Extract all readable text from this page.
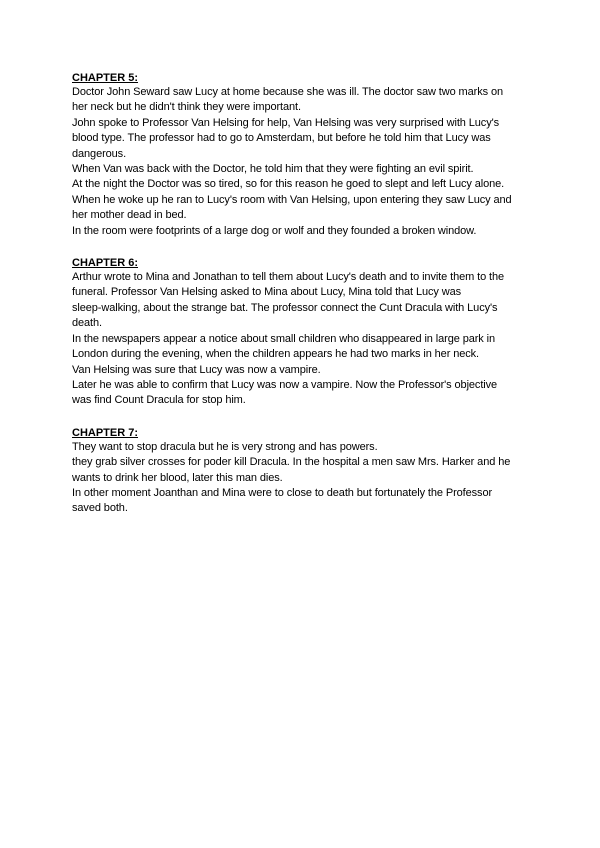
CHAPTER 5:

Doctor John Seward saw Lucy at home because she was ill. The doctor saw two marks on

her neck but he didn't think they were important.

John spoke to Professor Van Helsing for help, Van Helsing was very surprised with Lucy's

blood type. The professor had to go to Amsterdam, but before he told him that Lucy was

dangerous.

When Van was back with the Doctor, he told him that they were fighting an evil spirit.

At the night the Doctor was so tired, so for this reason he goed to slept and left Lucy alone.

When he woke up he ran to Lucy's room with Van Helsing, upon entering they saw Lucy and

her mother dead in bed.

In the room were footprints of a large dog or wolf and they founded a broken window.

CHAPTER 6:

Arthur wrote to Mina and Jonathan to tell them about Lucy's death and to invite them to the

funeral. Professor Van Helsing asked to Mina about Lucy, Mina told that Lucy was

sleep-walking, about the strange bat. The professor connect the Cunt Dracula with Lucy's

death.

In the newspapers appear a notice about small children who disappeared in large park in

London during the evening, when the children appears he had two marks in her neck.

Van Helsing was sure that Lucy was now a vampire.

Later he was able to confirm that Lucy was now a vampire. Now the Professor's objective

was find Count Dracula for stop him.

CHAPTER 7:

They want to stop dracula but he is very strong and has powers.

they grab silver crosses for poder kill Dracula. In the hospital a men saw Mrs. Harker and he

wants to drink her blood, later this man dies.

In other moment Joanthan and Mina were to close to death but fortunately the Professor

saved both.
